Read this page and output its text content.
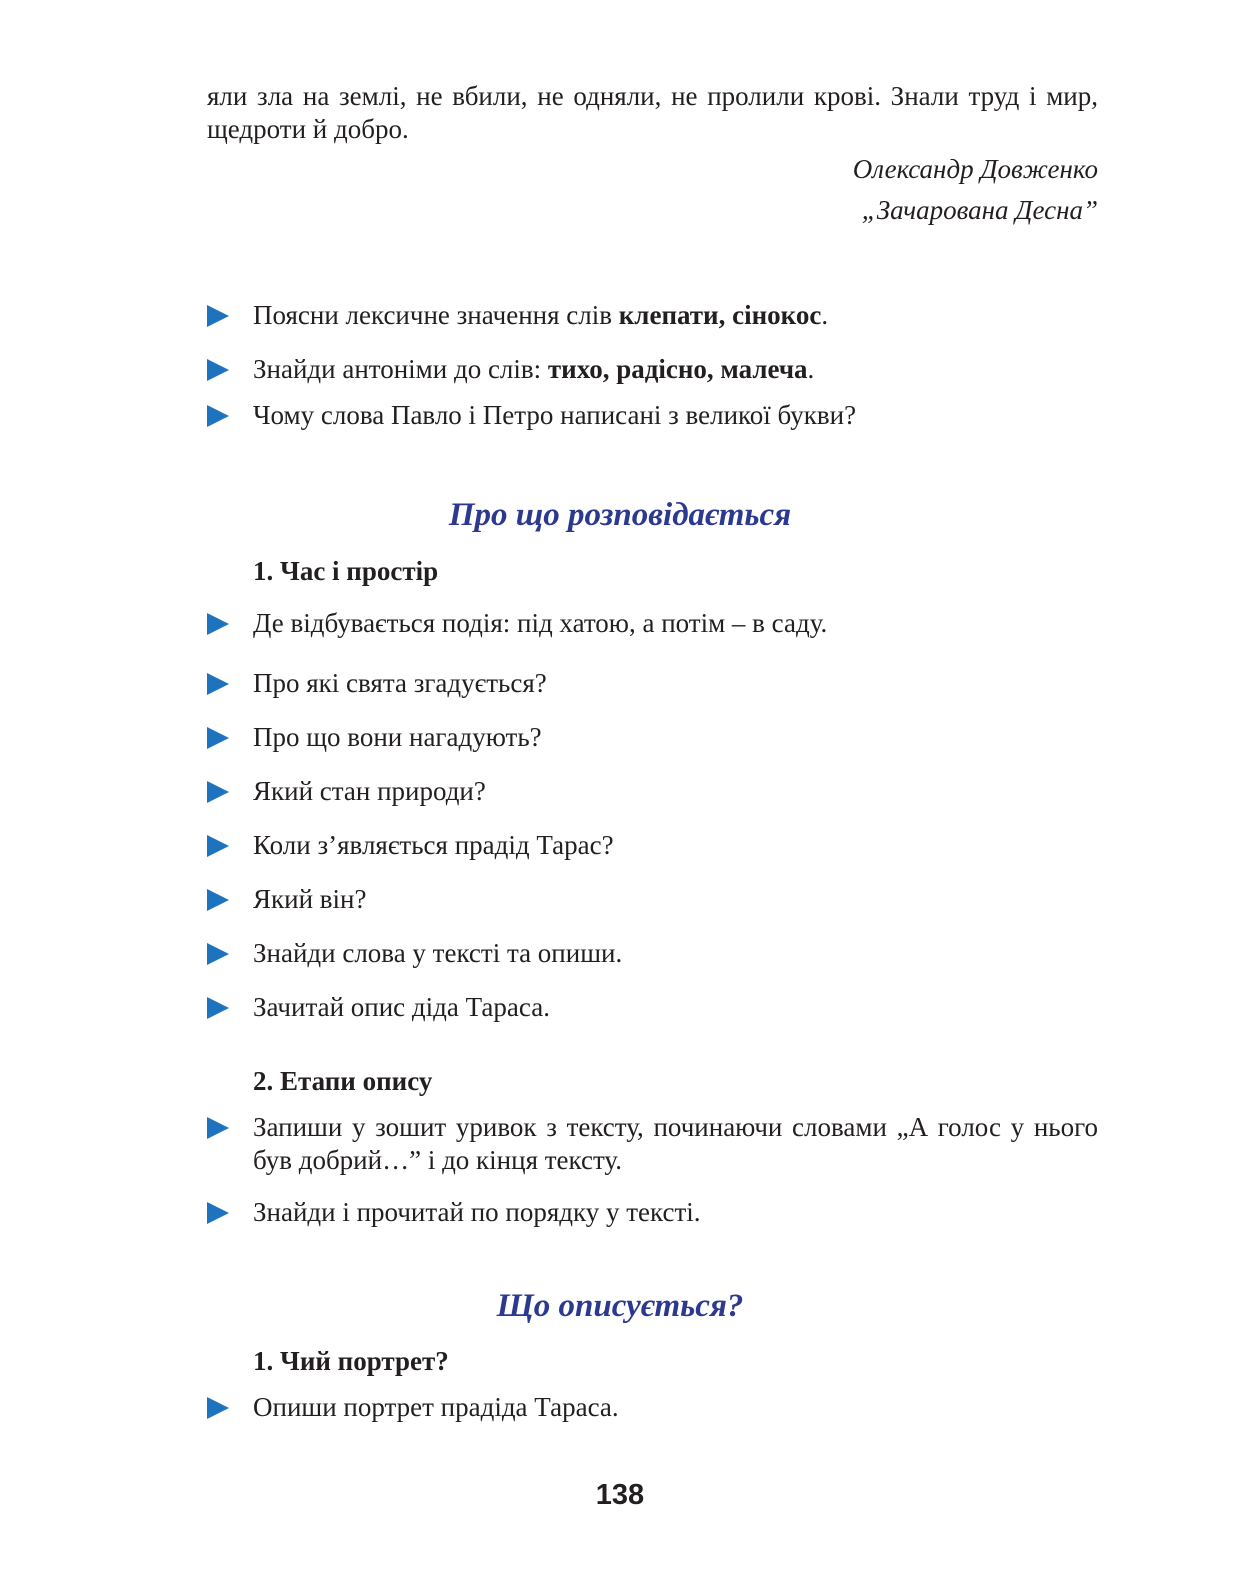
яли зла на землі, не вбили, не одняли, не пролили крові. Знали труд і мир, щедроти й добро.
Олександр Довженко
„Зачарована Десна”
Поясни лексичне значення слів клепати, сінокос.
Знайди антоніми до слів: тихо, радісно, малеча.
Чому слова Павло і Петро написані з великої букви?
Про що розповідається
1. Час і простір
Де відбувається подія: під хатою, а потім – в саду.
Про які свята згадується?
Про що вони нагадують?
Який стан природи?
Коли з’являється прадід Тарас?
Який він?
Знайди слова у тексті та опиши.
Зачитай опис діда Тараса.
2. Етапи опису
Запиши у зошит уривок з тексту, починаючи словами „А голос у нього був добрий…” і до кінця тексту.
Знайди і прочитай по порядку у тексті.
Що описується?
1. Чий портрет?
Опиши портрет прадіда Тараса.
138
